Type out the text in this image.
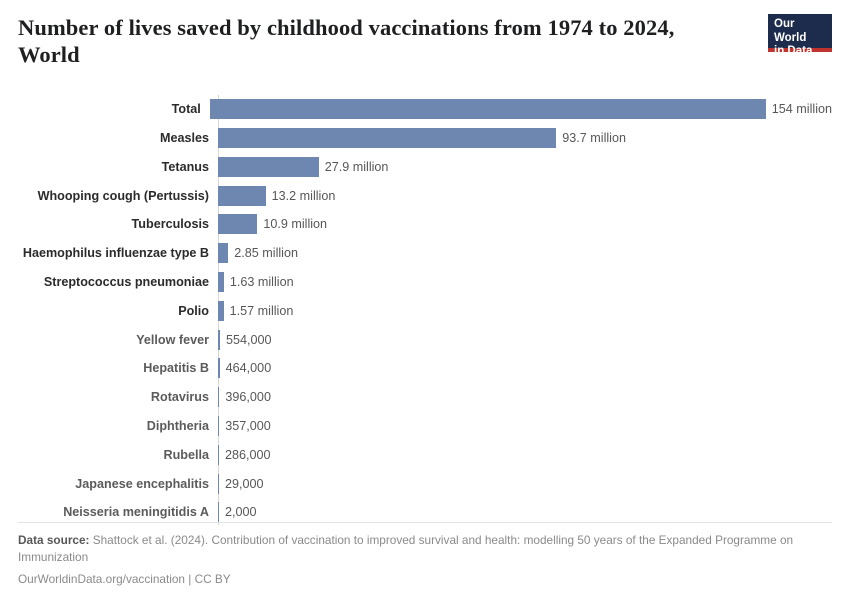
Number of lives saved by childhood vaccinations from 1974 to 2024, World
Our World
in Data
Total	154 million
Measles	93.7 million
Tetanus	27.9 million
Whooping cough (Pertussis)	13.2 million
Tuberculosis	10.9 million
Haemophilus influenzae type B	2.85 million
Streptococcus pneumoniae	1.63 million
Polio	1.57 million
Yellow fever	554,000
Hepatitis B	464,000
Rotavirus	396,000
Diphtheria	357,000
Rubella	286,000
Japanese encephalitis	29,000
Neisseria meningitidis A	2,000
Data source: Shattock et al. (2024). Contribution of vaccination to improved survival and health: modelling 50 years of the Expanded Programme on Immunization
OurWorldinData.org/vaccination | CC BY
